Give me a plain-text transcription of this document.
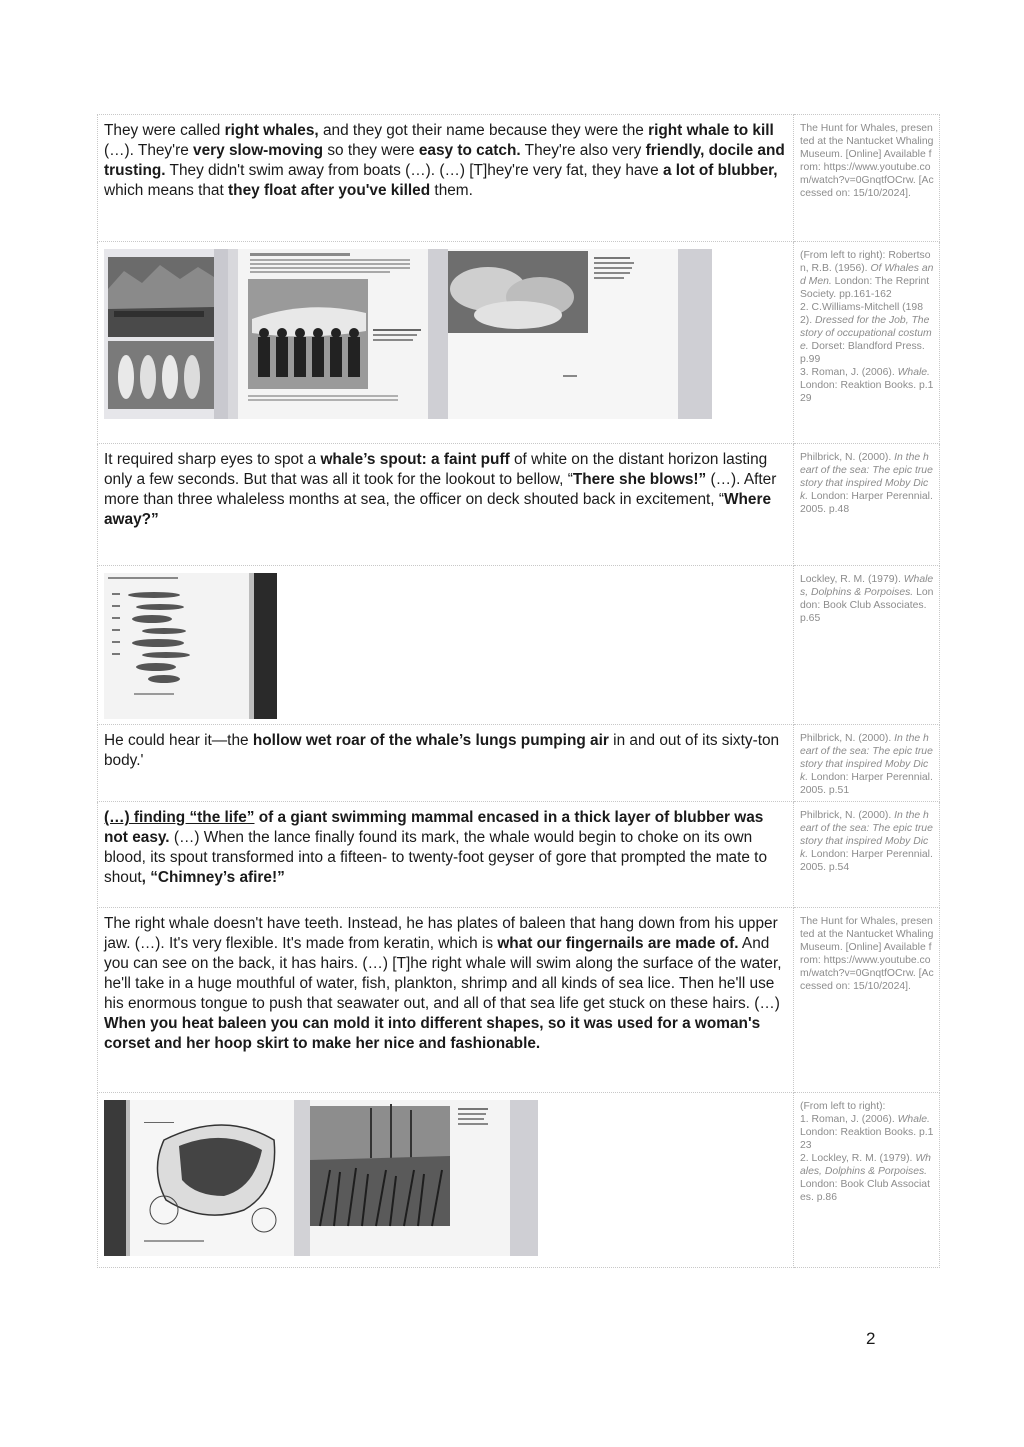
They were called right whales, and they got their name because they were the right whale to kill (…). They're very slow-moving so they were easy to catch. They're also very friendly, docile and trusting. They didn't swim away from boats (…). (…) [T]hey're very fat, they have a lot of blubber, which means that they float after you've killed them.	The Hunt for Whales, presented at the Nantucket Whaling Museum. [Online] Available from: https://www.youtube.com/watch?v=0GnqtfOCrw. [Accessed on: 15/10/2024].

	(From left to right): Robertson, R.B. (1956). Of Whales and Men. London: The Reprint Society. pp.161-162
2. C.Williams-Mitchell (1982). Dressed for the Job, The story of occupational costume. Dorset: Blandford Press. p.99
3. Roman, J. (2006). Whale. London: Reaktion Books. p.129
It required sharp eyes to spot a whale’s spout: a faint puff of white on the distant horizon lasting only a few seconds. But that was all it took for the lookout to bellow, “There she blows!” (…). After more than three whaleless months at sea, the officer on deck shouted back in excitement, “Where away?”	Philbrick, N. (2000). In the heart of the sea: The epic true story that inspired Moby Dick. London: Harper Perennial. 2005. p.48

	Lockley, R. M. (1979). Whales, Dolphins & Porpoises. London: Book Club Associates. p.65
He could hear it—the hollow wet roar of the whale’s lungs pumping air in and out of its sixty-ton body.'	Philbrick, N. (2000). In the heart of the sea: The epic true story that inspired Moby Dick. London: Harper Perennial. 2005. p.51
(…) finding “the life” of a giant swimming mammal encased in a thick layer of blubber was not easy. (…) When the lance finally found its mark, the whale would begin to choke on its own blood, its spout transformed into a fifteen- to twenty-foot geyser of gore that prompted the mate to shout, “Chimney’s afire!”	Philbrick, N. (2000). In the heart of the sea: The epic true story that inspired Moby Dick. London: Harper Perennial. 2005. p.54
The right whale doesn't have teeth. Instead, he has plates of baleen that hang down from his upper jaw. (…). It's very flexible. It's made from keratin, which is what our fingernails are made of. And you can see on the back, it has hairs. (…) [T]he right whale will swim along the surface of the water, he'll take in a huge mouthful of water, fish, plankton, shrimp and all kinds of sea lice. Then he'll use his enormous tongue to push that seawater out, and all of that sea life get stuck on these hairs. (…) When you heat baleen you can mold it into different shapes, so it was used for a woman's corset and her hoop skirt to make her nice and fashionable.	The Hunt for Whales, presented at the Nantucket Whaling Museum. [Online] Available from: https://www.youtube.com/watch?v=0GnqtfOCrw. [Accessed on: 15/10/2024].

	(From left to right):
1. Roman, J. (2006). Whale. London: Reaktion Books. p.123
2. Lockley, R. M. (1979). Whales, Dolphins & Porpoises. London: Book Club Associates. p.86
2
